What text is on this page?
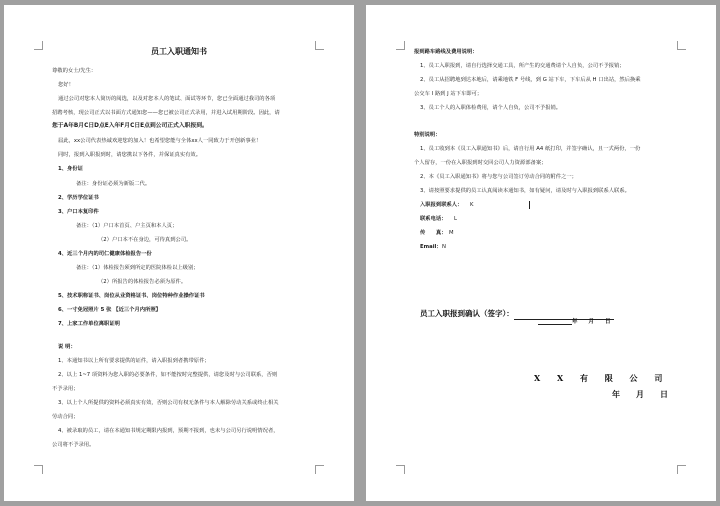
员工入职通知书
尊敬的女士/先生：
您好！
通过公司对您本人简历的阅选，以及对您本人的笔试、面试等环节，您已全面通过我司的各项
招聘考核，现公司正式以书面方式通知您——您已被公司正式录用，并进入试用期阶段。因此，请
您于A年B月C日D点E入年F月C日E点到公司正式入职报到。
届此，xx公司代表热诚欢迎您的加入！也希望您能与全体xx人一同致力于开创新事业！
同时，报到入职报到时，请您携以下各件，并保证真实有效。
1、身份证
备注：身份证必须为新版二代。
2、学历学位证书
3、户口本复印件
备注：（1）户口本首页、户主页和本人页；
（2）户口本不在身边，可待真到公司。
4、近三个月内的司仁健康体检报告一份
备注：（1）体检报告须到所定的医院体检以上级别；
（2）所报告的体检报告必须为原件。
5、技术职称证书、岗位从业资格证书、岗位特种作业操作证书
6、一寸免冠照片 5 张 【近三个月内所照】
7、上家工作单位离职证明
说 明：
1、本通知书以上所有要求提供的证件，请入职报到者携带原件；
2、以上 1~7 项资料为您入职的必要条件，如不能按时完整提供，请您及时与公司联系，否则
不予录用；
3、以上个人所提供的资料必须真实有效，否则公司有权无条件与本人解除劳动关系或终止相关
劳动合同；
4、被录取的员工，请在本通知书规定期限内报到，预期不报到，也未与公司另行说明情况者，
公司将不予录用。
报到路车路线及费用说明：
1、员工入职报到，请自行选择交通工具，所产生的交通费请个人自负，公司不予报销；
2、员工从招聘地到达本地后，请乘地铁 F 号线，到 G 站下车，下车后从 H 口出站，然后换乘
公交车 I 路到 J 站下车即可；
3、员工个人的入职体检费用，请个人自负，公司不予报销。
特别说明：
1、员工收到本《员工入职通知书》后，请自行用 A4 纸打印，并签字确认，且一式两份，一份
个人留存，一份在入职报到时交回公司人力资源部备案；
2、本《员工入职通知书》将与您与公司签订劳动合同的附件之一；
3、请按照要求提供的员工认真阅读本通知书，如有疑问，请及时与入职报到联系人联系。
入职报到联系人： K
联系电话： L
传　　真： M
Email： N
员工入职报到确认（签字）：
年　　月　　日
X X 有 限 公 司
年　　月　　日
